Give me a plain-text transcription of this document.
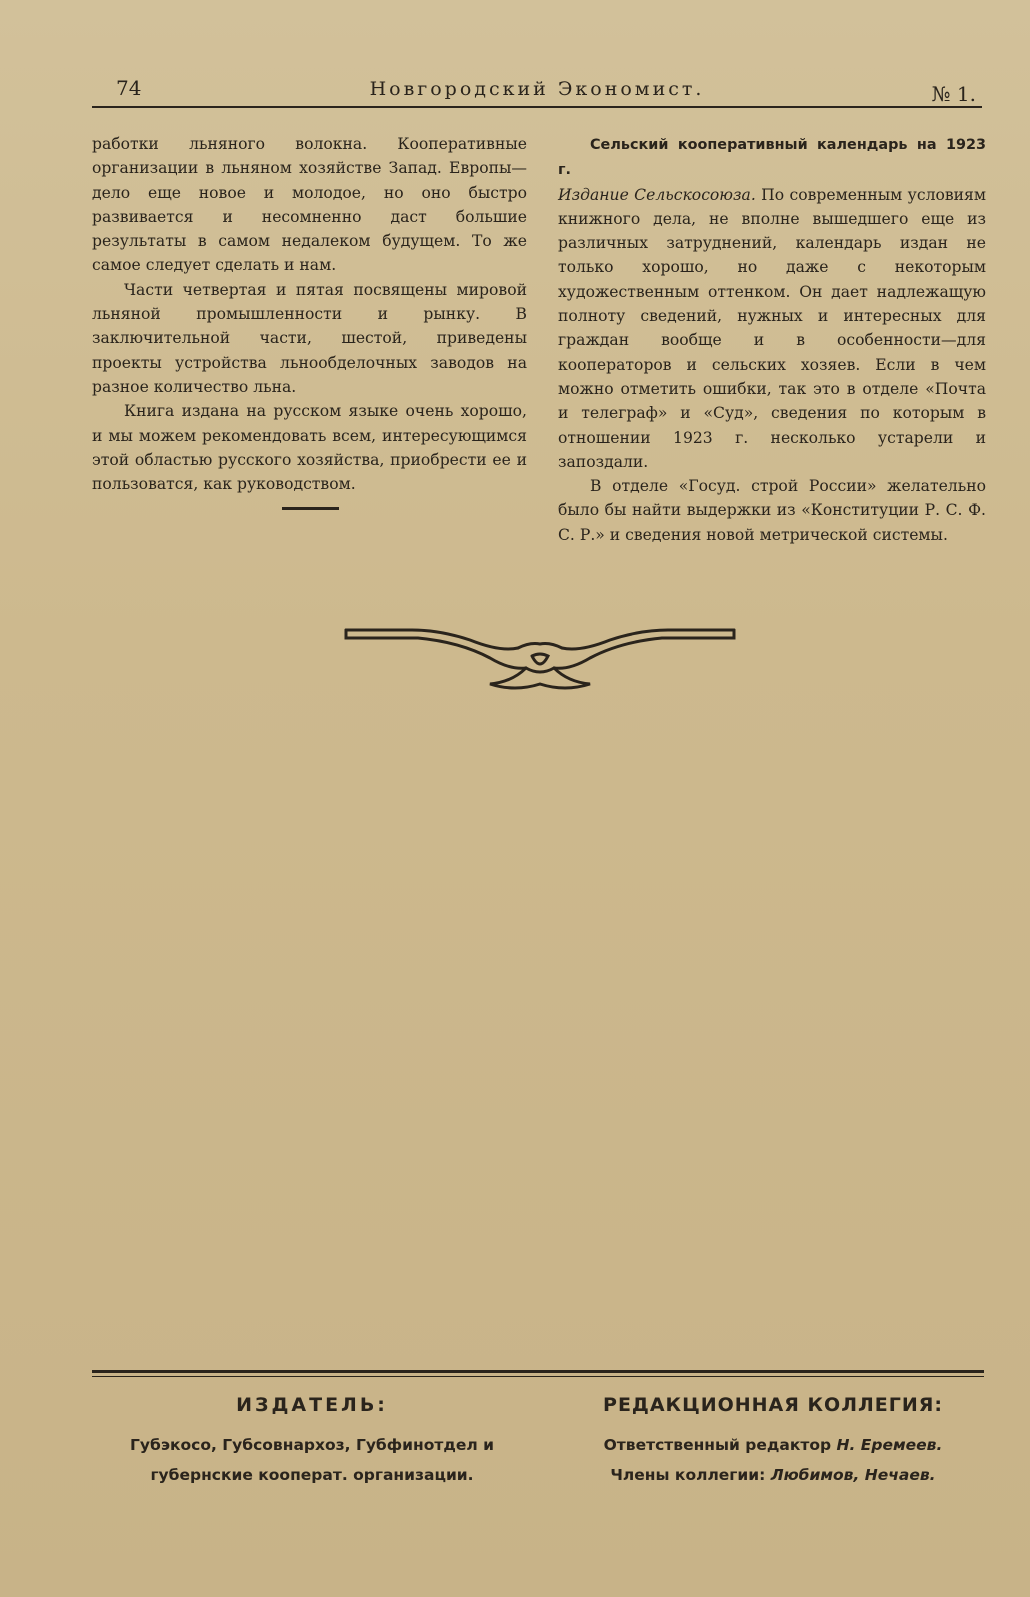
74	Новгородский Экономист.	№ 1.

работки льняного волокна. Кооперативные организации в льняном хозяйстве Запад. Европы—дело еще новое и молодое, но оно быстро развивается и несомненно даст большие результаты в самом недалеком будущем. То же самое следует сделать и нам.

Части четвертая и пятая посвящены мировой льняной промышленности и рынку. В заключительной части, шестой, приведены проекты устройства льнообделочных заводов на разное количество льна.

Книга издана на русском языке очень хорошо, и мы можем рекомендовать всем, интересующимся этой областью русского хозяйства, приобрести ее и пользоватся, как руководством.

Сельский кооперативный календарь на 1923 г.
Издание Сельскосоюза. По современным условиям книжного дела, не вполне вышедшего еще из различных затруднений, календарь издан не только хорошо, но даже с некоторым художественным оттенком. Он дает надлежащую полноту сведений, нужных и интересных для граждан вообще и в особенности—для кооператоров и сельских хозяев. Если в чем можно отметить ошибки, так это в отделе «Почта и телеграф» и «Суд», сведения по которым в отношении 1923 г. несколько устарели и запоздали.

В отделе «Госуд. строй России» желательно было бы найти выдержки из «Конституции Р. С. Ф. С. Р.» и сведения новой метрической системы.

ИЗДАТЕЛЬ:
Губэкосо, Губсовнархоз, Губфинотдел и
губернские кооперат. организации.
РЕДАКЦИОННАЯ КОЛЛЕГИЯ:
Ответственный редактор Н. Еремеев.
Члены коллегии: Любимов, Нечаев.
